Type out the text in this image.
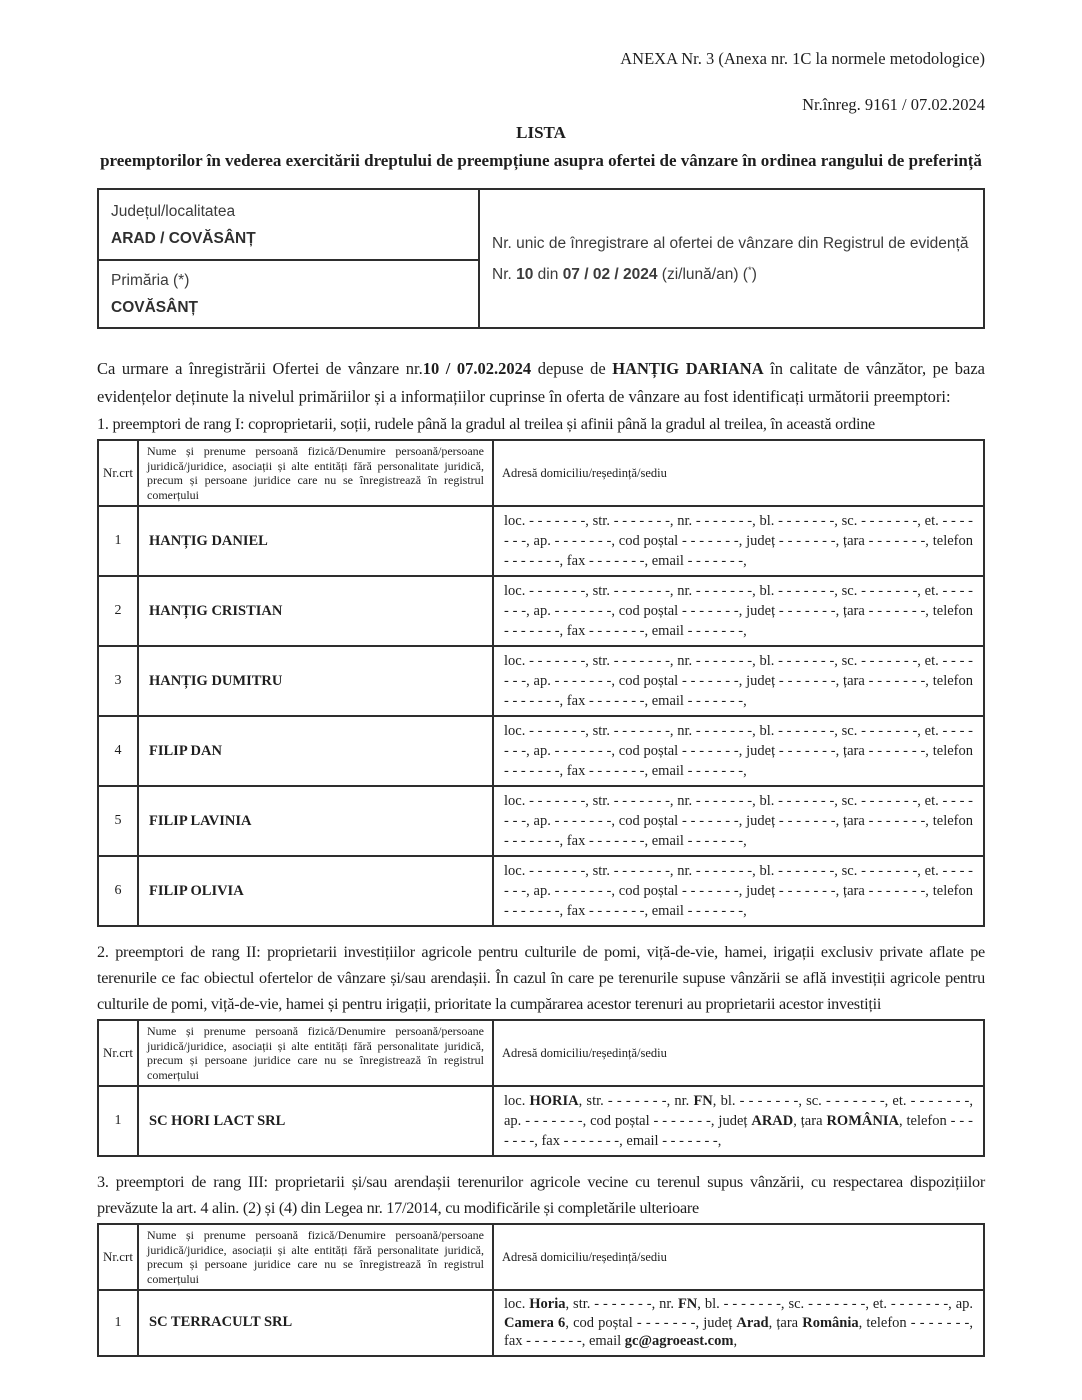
ANEXA Nr. 3 (Anexa nr. 1C la normele metodologice)
Nr.înreg. 9161 / 07.02.2024
LISTA
preemptorilor în vederea exercitării dreptului de preempțiune asupra ofertei de vânzare în ordinea rangului de preferință
Județul/localitatea
ARAD / COVĂSÂNȚ	Nr. unic de înregistrare al ofertei de vânzare din Registrul de evidență

Nr. 10 din 07 / 02 / 2024 (zi/lună/an) (*)

Primăria (*)
COVĂSÂNȚ

Ca urmare a înregistrării Ofertei de vânzare nr.10 / 07.02.2024 depuse de HANȚIG DARIANA în calitate de vânzător, pe baza evidențelor deținute la nivelul primăriilor și a informațiilor cuprinse în oferta de vânzare au fost identificați următorii preemptori:

1. preemptori de rang I: coproprietarii, soții, rudele până la gradul al treilea și afinii până la gradul al treilea, în această ordine

Nr.crt	Nume și prenume persoană fizică/Denumire persoană/persoane juridică/juridice, asociații și alte entități fără personalitate juridică, precum și persoane juridice care nu se înregistrează în registrul comerțului	Adresă domiciliu/reședință/sediu
1	HANȚIG DANIEL	loc. - - - - - - -, str. - - - - - - -, nr. - - - - - - -, bl. - - - - - - -, sc. - - - - - - -, et. - - - - - - -, ap. - - - - - - -, cod poștal - - - - - - -, județ - - - - - - -, țara - - - - - - -, telefon - - - - - - -, fax - - - - - - -, email - - - - - - -,
2	HANȚIG CRISTIAN	loc. - - - - - - -, str. - - - - - - -, nr. - - - - - - -, bl. - - - - - - -, sc. - - - - - - -, et. - - - - - - -, ap. - - - - - - -, cod poștal - - - - - - -, județ - - - - - - -, țara - - - - - - -, telefon - - - - - - -, fax - - - - - - -, email - - - - - - -,
3	HANȚIG DUMITRU	loc. - - - - - - -, str. - - - - - - -, nr. - - - - - - -, bl. - - - - - - -, sc. - - - - - - -, et. - - - - - - -, ap. - - - - - - -, cod poștal - - - - - - -, județ - - - - - - -, țara - - - - - - -, telefon - - - - - - -, fax - - - - - - -, email - - - - - - -,
4	FILIP DAN	loc. - - - - - - -, str. - - - - - - -, nr. - - - - - - -, bl. - - - - - - -, sc. - - - - - - -, et. - - - - - - -, ap. - - - - - - -, cod poștal - - - - - - -, județ - - - - - - -, țara - - - - - - -, telefon - - - - - - -, fax - - - - - - -, email - - - - - - -,
5	FILIP LAVINIA	loc. - - - - - - -, str. - - - - - - -, nr. - - - - - - -, bl. - - - - - - -, sc. - - - - - - -, et. - - - - - - -, ap. - - - - - - -, cod poștal - - - - - - -, județ - - - - - - -, țara - - - - - - -, telefon - - - - - - -, fax - - - - - - -, email - - - - - - -,
6	FILIP OLIVIA	loc. - - - - - - -, str. - - - - - - -, nr. - - - - - - -, bl. - - - - - - -, sc. - - - - - - -, et. - - - - - - -, ap. - - - - - - -, cod poștal - - - - - - -, județ - - - - - - -, țara - - - - - - -, telefon - - - - - - -, fax - - - - - - -, email - - - - - - -,

2. preemptori de rang II: proprietarii investițiilor agricole pentru culturile de pomi, viță-de-vie, hamei, irigații exclusiv private aflate pe terenurile ce fac obiectul ofertelor de vânzare și/sau arendașii. În cazul în care pe terenurile supuse vânzării se află investiții agricole pentru culturile de pomi, viță-de-vie, hamei și pentru irigații, prioritate la cumpărarea acestor terenuri au proprietarii acestor investiții

Nr.crt	Nume și prenume persoană fizică/Denumire persoană/persoane juridică/juridice, asociații și alte entități fără personalitate juridică, precum și persoane juridice care nu se înregistrează în registrul comerțului	Adresă domiciliu/reședință/sediu
1	SC HORI LACT SRL	loc. HORIA, str. - - - - - - -, nr. FN, bl. - - - - - - -, sc. - - - - - - -, et. - - - - - - -, ap. - - - - - - -, cod poștal - - - - - - -, județ ARAD, țara ROMÂNIA, telefon - - - - - - -, fax - - - - - - -, email - - - - - - -,

3. preemptori de rang III: proprietarii și/sau arendașii terenurilor agricole vecine cu terenul supus vânzării, cu respectarea dispozițiilor prevăzute la art. 4 alin. (2) și (4) din Legea nr. 17/2014, cu modificările și completările ulterioare

Nr.crt	Nume și prenume persoană fizică/Denumire persoană/persoane juridică/juridice, asociații și alte entități fără personalitate juridică, precum și persoane juridice care nu se înregistrează în registrul comerțului	Adresă domiciliu/reședință/sediu
1	SC TERRACULT SRL	loc. Horia, str. - - - - - - -, nr. FN, bl. - - - - - - -, sc. - - - - - - -, et. - - - - - - -, ap. Camera 6, cod poștal - - - - - - -, județ Arad, țara România, telefon - - - - - - -, fax - - - - - - -, email gc@agroeast.com,
